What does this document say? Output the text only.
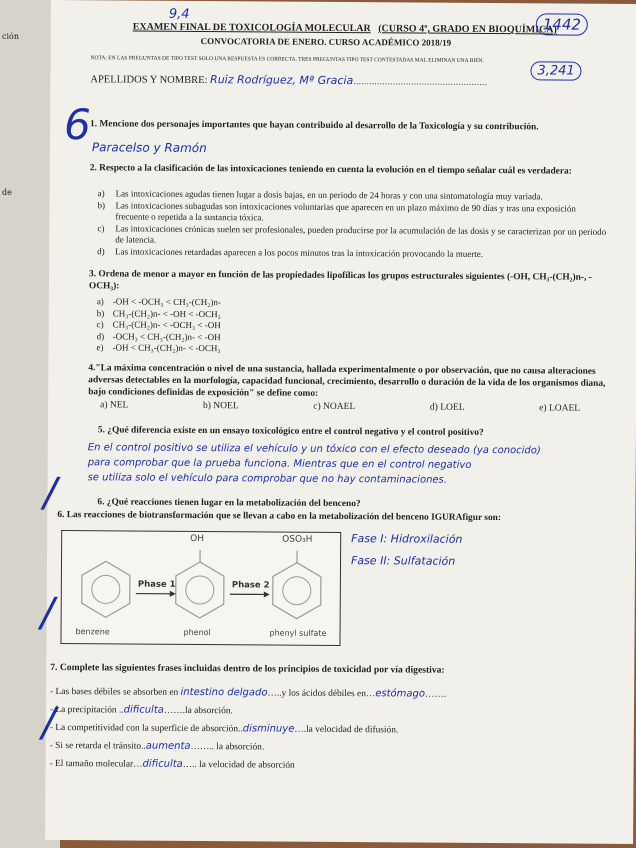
ción
de
9,4
EXAMEN FINAL DE TOXICOLOGÍA MOLECULAR (CURSO 4º, GRADO EN BIOQUÍMICA)
CONVOCATORIA DE ENERO. CURSO ACADÉMICO 2018/19
1442
3,241
NOTA: EN LAS PREGUNTAS DE TIPO TEST SOLO UNA RESPUESTA ES CORRECTA. TRES PREGUNTAS TIPO TEST CONTESTADAS MAL ELIMINAN UNA BIEN.
APELLIDOS Y NOMBRE: Ruiz Rodríguez, Mª Gracia...................................................
6 1. Mencione dos personajes importantes que hayan contribuido al desarrollo de la Toxicología y su contribución.
Paracelso y Ramón
2. Respecto a la clasificación de las intoxicaciones teniendo en cuenta la evolución en el tiempo señalar cuál es verdadera:
a)	Las intoxicaciones agudas tienen lugar a dosis bajas, en un periodo de 24 horas y con una sintomatología muy variada.
b)	Las intoxicaciones subagudas son intoxicaciones voluntarias que aparecen en un plazo máximo de 90 días y tras una exposición frecuente o repetida a la sustancia tóxica.
c)	Las intoxicaciones crónicas suelen ser profesionales, pueden producirse por la acumulación de las dosis y se caracterizan por un periodo de latencia.
d)	Las intoxicaciones retardadas aparecen a los pocos minutos tras la intoxicación provocando la muerte.
3. Ordena de menor a mayor en función de las propiedades lipofílicas los grupos estructurales siguientes (-OH, CH₃-(CH₂)n-, -OCH₃):
a) -OH < -OCH₃ < CH₃-(CH₂)n-
b) CH₃-(CH₂)n- < -OH < -OCH₃
c) CH₃-(CH₂)n- < -OCH₃ < -OH
d) -OCH₃ < CH₃-(CH₂)n- < -OH
e) -OH < CH₃-(CH₂)n- < -OCH₃
4."La máxima concentración o nivel de una sustancia, hallada experimentalmente o por observación, que no causa alteraciones adversas detectables en la morfología, capacidad funcional, crecimiento, desarrollo o duración de la vida de los organismos diana, bajo condiciones definidas de exposición" se define como:
a) NEL	b) NOEL	c) NOAEL	d) LOEL	e) LOAEL
5. ¿Qué diferencia existe en un ensayo toxicológico entre el control negativo y el control positivo?
En el control positivo se utiliza el vehículo y un tóxico con el efecto deseado (ya conocido)
para comprobar que la prueba funciona. Mientras que en el control negativo
se utiliza solo el vehículo para comprobar que no hay contaminaciones.
6. ¿Qué reacciones tienen lugar en la metabolización del benceno?
6. Las reacciones de biotransformación que se llevan a cabo en la metabolización del benceno IGURAfigur son:
OH	OSO₃H
Phase 1	Phase 2
benzene	phenol	phenyl sulfate
Fase I: Hidroxilación
Fase II: Sulfatación
/
/
/
7. Complete las siguientes frases incluidas dentro de los principios de toxicidad por vía digestiva:
- Las bases débiles se absorben en intestino delgado…..y los ácidos débiles en…estómago…….
- La precipitación ..dificulta…….la absorción.
- La competitividad con la superficie de absorción..disminuye….la velocidad de difusión.
- Si se retarda el tránsito..aumenta…….. la absorción.
- El tamaño molecular…dificulta….. la velocidad de absorción
